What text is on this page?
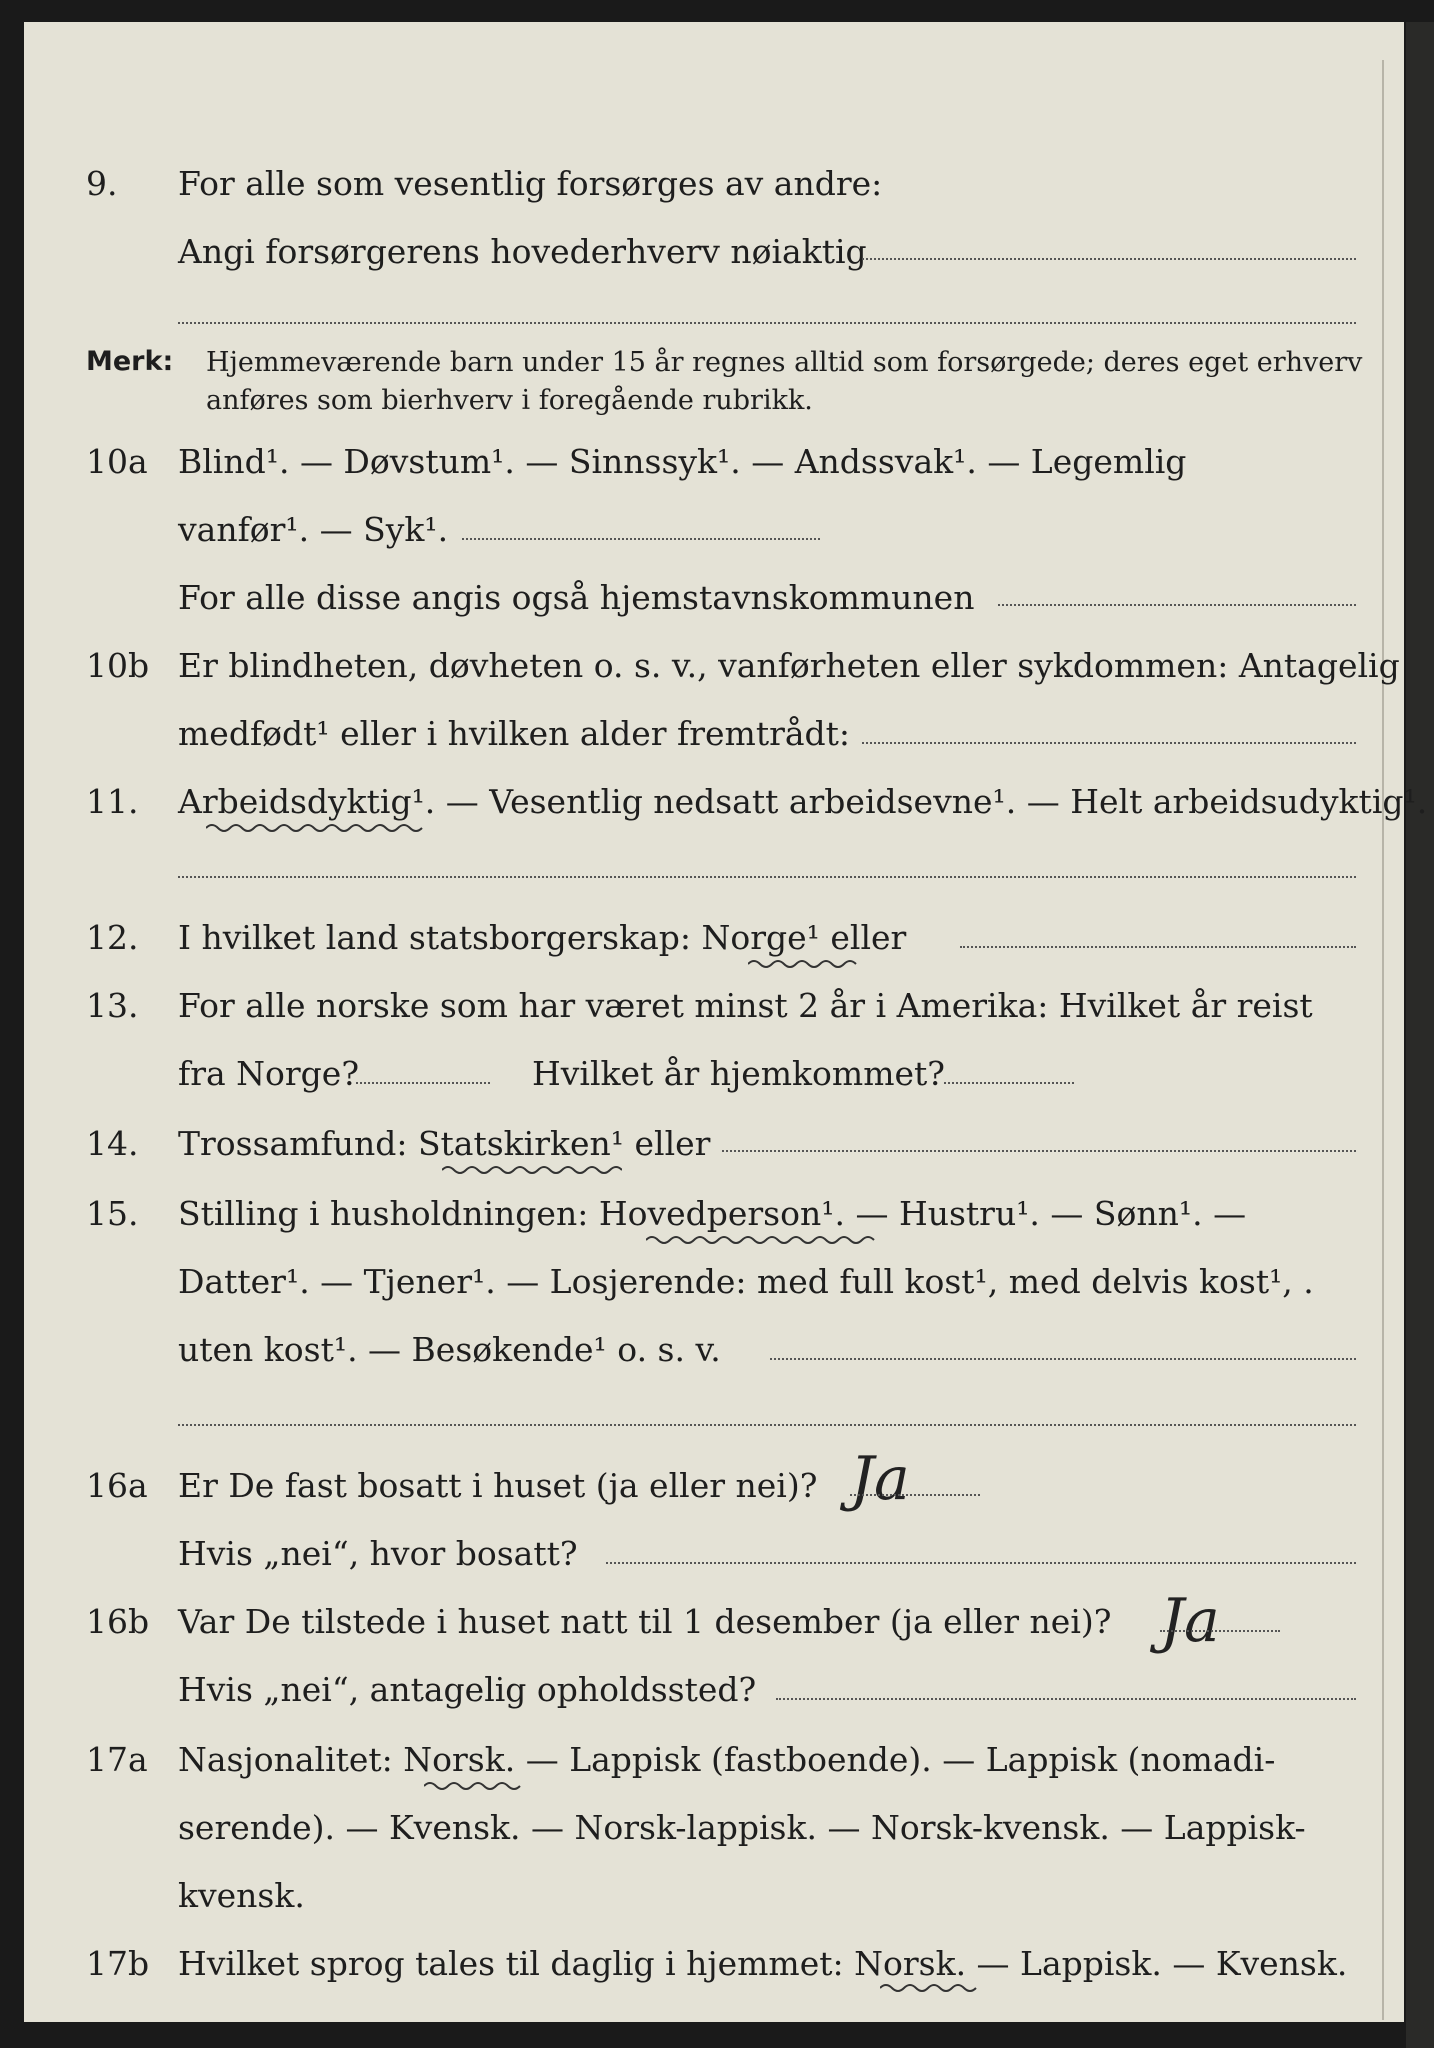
9. For alle som vesentlig forsørges av andre:
Angi forsørgerens hovederhverv nøiaktig
Merk: Hjemmeværende barn under 15 år regnes alltid som forsørgede; deres eget erhverv
anføres som bierhverv i foregående rubrikk.
10a Blind¹. — Døvstum¹. — Sinnssyk¹. — Andssvak¹. — Legemlig
vanfør¹. — Syk¹.
For alle disse angis også hjemstavnskommunen
10b Er blindheten, døvheten o. s. v., vanførheten eller sykdommen: Antagelig
medfødt¹ eller i hvilken alder fremtrådt:
11. Arbeidsdyktig¹. — Vesentlig nedsatt arbeidsevne¹. — Helt arbeidsudyktig¹.
12. I hvilket land statsborgerskap: Norge¹ eller
13. For alle norske som har været minst 2 år i Amerika: Hvilket år reist
fra Norge?	Hvilket år hjemkommet?
14. Trossamfund: Statskirken¹ eller
15. Stilling i husholdningen: Hovedperson¹. — Hustru¹. — Sønn¹. —
Datter¹. — Tjener¹. — Losjerende: med full kost¹, med delvis kost¹, .
uten kost¹. — Besøkende¹ o. s. v.
16a Er De fast bosatt i huset (ja eller nei)? Ja
Hvis „nei“, hvor bosatt?
16b Var De tilstede i huset natt til 1 desember (ja eller nei)? Ja
Hvis „nei“, antagelig opholdssted?
17a Nasjonalitet: Norsk. — Lappisk (fastboende). — Lappisk (nomadi-
serende). — Kvensk. — Norsk-lappisk. — Norsk-kvensk. — Lappisk-
kvensk.
17b Hvilket sprog tales til daglig i hjemmet: Norsk. — Lappisk. — Kvensk.
